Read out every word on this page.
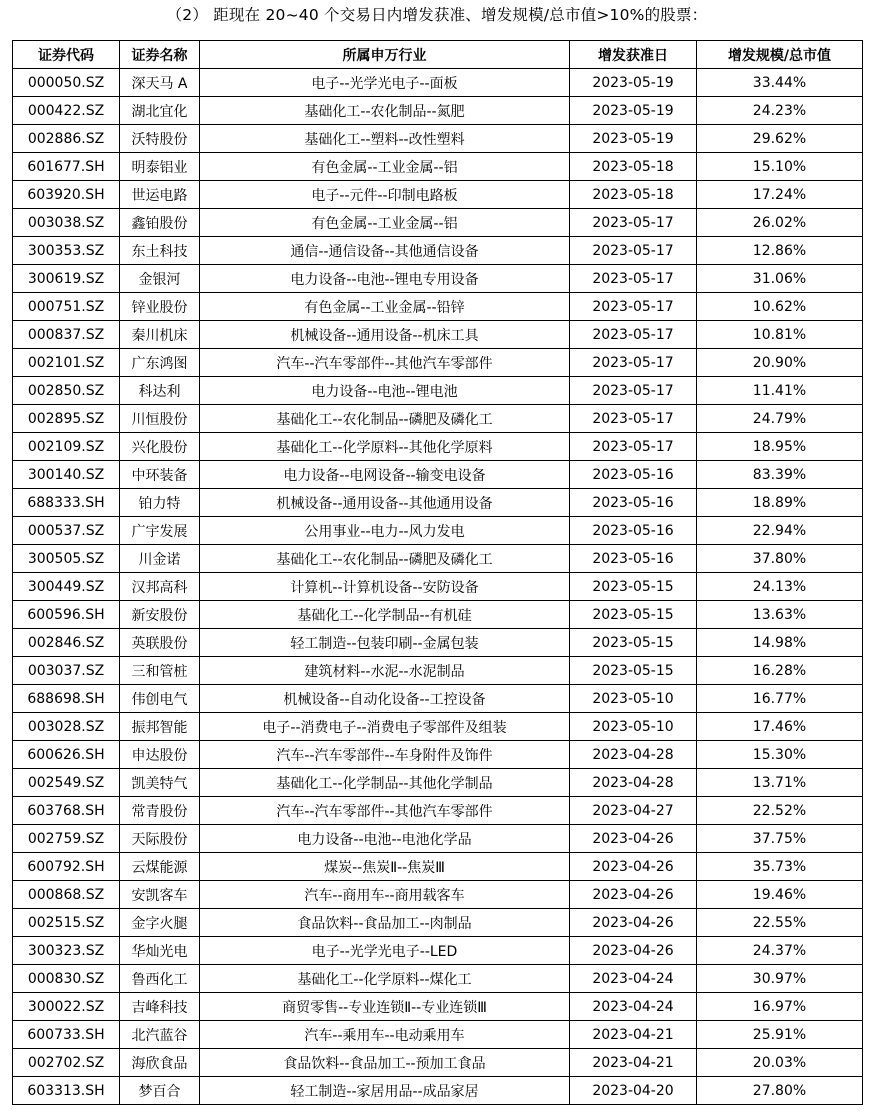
（2） 距现在 20~40 个交易日内增发获准、增发规模/总市值>10%的股票：
证券代码	证券名称	所属申万行业	增发获准日	增发规模/总市值
000050.SZ	深天马 A	电子--光学光电子--面板	2023-05-19	33.44%
000422.SZ	湖北宜化	基础化工--农化制品--氮肥	2023-05-19	24.23%
002886.SZ	沃特股份	基础化工--塑料--改性塑料	2023-05-19	29.62%
601677.SH	明泰铝业	有色金属--工业金属--铝	2023-05-18	15.10%
603920.SH	世运电路	电子--元件--印制电路板	2023-05-18	17.24%
003038.SZ	鑫铂股份	有色金属--工业金属--铝	2023-05-17	26.02%
300353.SZ	东土科技	通信--通信设备--其他通信设备	2023-05-17	12.86%
300619.SZ	金银河	电力设备--电池--锂电专用设备	2023-05-17	31.06%
000751.SZ	锌业股份	有色金属--工业金属--铅锌	2023-05-17	10.62%
000837.SZ	秦川机床	机械设备--通用设备--机床工具	2023-05-17	10.81%
002101.SZ	广东鸿图	汽车--汽车零部件--其他汽车零部件	2023-05-17	20.90%
002850.SZ	科达利	电力设备--电池--锂电池	2023-05-17	11.41%
002895.SZ	川恒股份	基础化工--农化制品--磷肥及磷化工	2023-05-17	24.79%
002109.SZ	兴化股份	基础化工--化学原料--其他化学原料	2023-05-17	18.95%
300140.SZ	中环装备	电力设备--电网设备--输变电设备	2023-05-16	83.39%
688333.SH	铂力特	机械设备--通用设备--其他通用设备	2023-05-16	18.89%
000537.SZ	广宇发展	公用事业--电力--风力发电	2023-05-16	22.94%
300505.SZ	川金诺	基础化工--农化制品--磷肥及磷化工	2023-05-16	37.80%
300449.SZ	汉邦高科	计算机--计算机设备--安防设备	2023-05-15	24.13%
600596.SH	新安股份	基础化工--化学制品--有机硅	2023-05-15	13.63%
002846.SZ	英联股份	轻工制造--包装印刷--金属包装	2023-05-15	14.98%
003037.SZ	三和管桩	建筑材料--水泥--水泥制品	2023-05-15	16.28%
688698.SH	伟创电气	机械设备--自动化设备--工控设备	2023-05-10	16.77%
003028.SZ	振邦智能	电子--消费电子--消费电子零部件及组装	2023-05-10	17.46%
600626.SH	申达股份	汽车--汽车零部件--车身附件及饰件	2023-04-28	15.30%
002549.SZ	凯美特气	基础化工--化学制品--其他化学制品	2023-04-28	13.71%
603768.SH	常青股份	汽车--汽车零部件--其他汽车零部件	2023-04-27	22.52%
002759.SZ	天际股份	电力设备--电池--电池化学品	2023-04-26	37.75%
600792.SH	云煤能源	煤炭--焦炭Ⅱ--焦炭Ⅲ	2023-04-26	35.73%
000868.SZ	安凯客车	汽车--商用车--商用载客车	2023-04-26	19.46%
002515.SZ	金字火腿	食品饮料--食品加工--肉制品	2023-04-26	22.55%
300323.SZ	华灿光电	电子--光学光电子--LED	2023-04-26	24.37%
000830.SZ	鲁西化工	基础化工--化学原料--煤化工	2023-04-24	30.97%
300022.SZ	吉峰科技	商贸零售--专业连锁Ⅱ--专业连锁Ⅲ	2023-04-24	16.97%
600733.SH	北汽蓝谷	汽车--乘用车--电动乘用车	2023-04-21	25.91%
002702.SZ	海欣食品	食品饮料--食品加工--预加工食品	2023-04-21	20.03%
603313.SH	梦百合	轻工制造--家居用品--成品家居	2023-04-20	27.80%
